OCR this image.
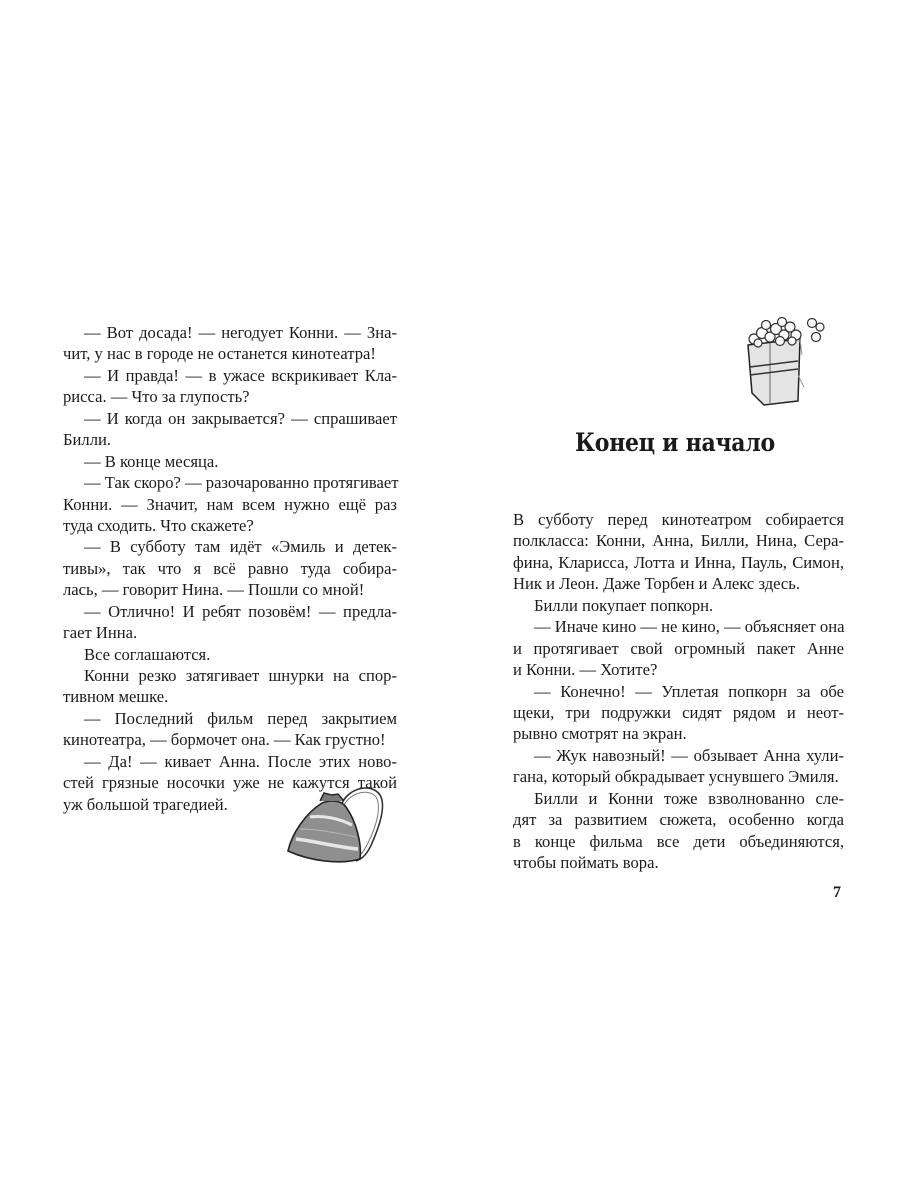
— Вот досада! — негодует Конни. — Зна-
чит, у нас в городе не останется кинотеатра!
— И правда! — в ужасе вскрикивает Кла-
рисса. — Что за глупость?
— И когда он закрывается? — спрашивает
Билли.
— В конце месяца.
— Так скоро? — разочарованно протягивает
Конни. — Значит, нам всем нужно ещё раз
туда сходить. Что скажете?
— В субботу там идёт «Эмиль и детек-
тивы», так что я всё равно туда собира-
лась, — говорит Нина. — Пошли со мной!
— Отлично! И ребят позовём! — предла-
гает Инна.
Все соглашаются.
Конни резко затягивает шнурки на спор-
тивном мешке.
— Последний фильм перед закрытием
кинотеатра, — бормочет она. — Как грустно!
— Да! — кивает Анна. После этих ново-
стей грязные носочки уже не кажутся такой
уж большой трагедией.
Конец и начало
В субботу перед кинотеатром собирается
полкласса: Конни, Анна, Билли, Нина, Сера-
фина, Кларисса, Лотта и Инна, Пауль, Симон,
Ник и Леон. Даже Торбен и Алекс здесь.
Билли покупает попкорн.
— Иначе кино — не кино, — объясняет она
и протягивает свой огромный пакет Анне
и Конни. — Хотите?
— Конечно! — Уплетая попкорн за обе
щеки, три подружки сидят рядом и неот-
рывно смотрят на экран.
— Жук навозный! — обзывает Анна хули-
гана, который обкрадывает уснувшего Эмиля.
Билли и Конни тоже взволнованно сле-
дят за развитием сюжета, особенно когда
в конце фильма все дети объединяются,
чтобы поймать вора.
7
